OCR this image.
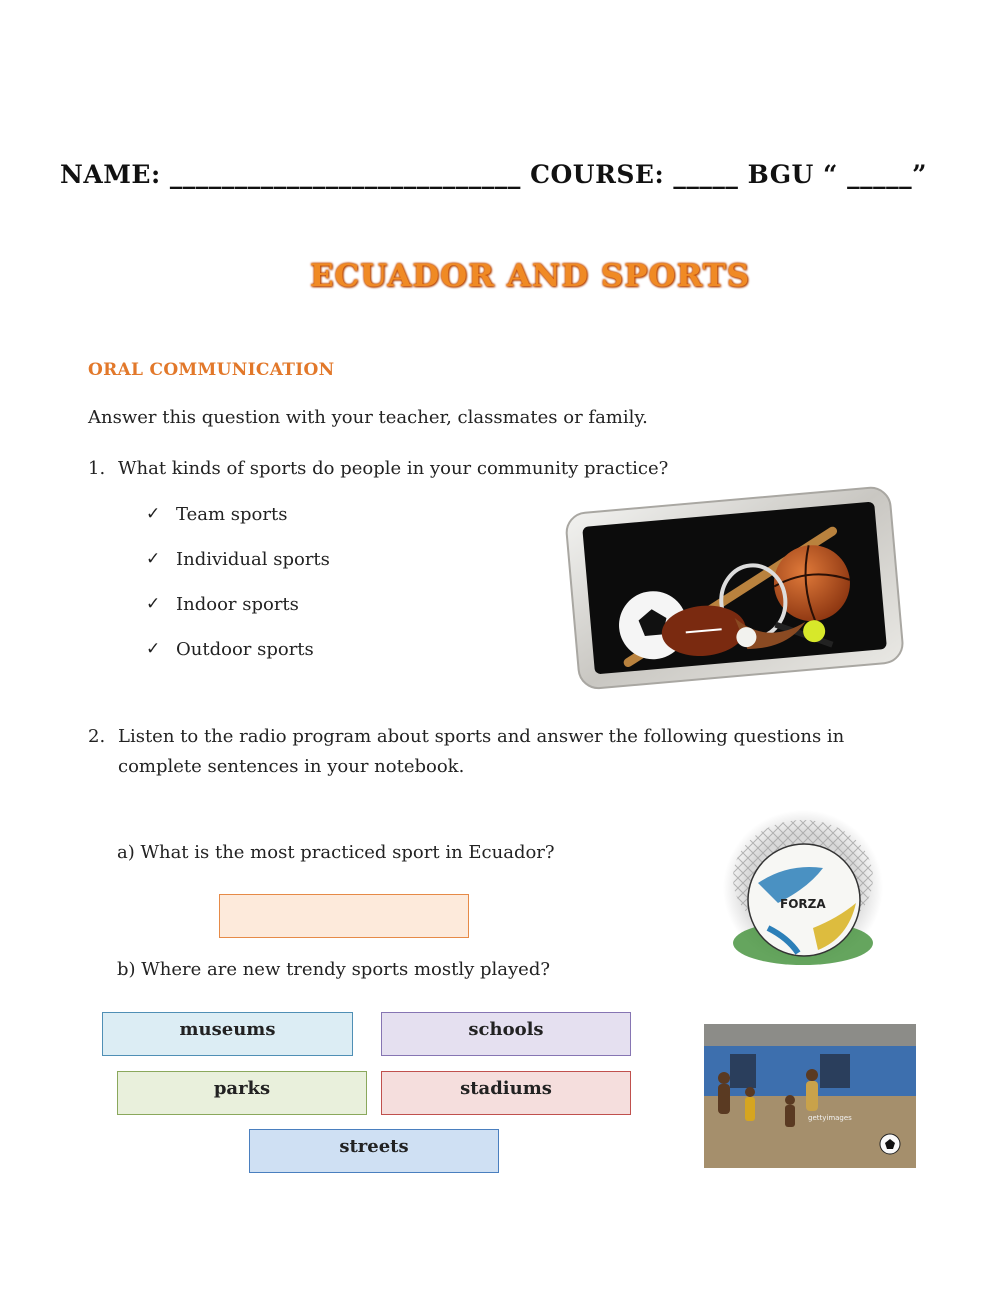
NAME: ___________________________ COURSE: _____ BGU “ _____”
ECUADOR AND SPORTS
ORAL COMMUNICATION
Answer this question with your teacher, classmates or family.
1. What kinds of sports do people in your community practice?
✓ Team sports
✓ Individual sports
✓ Indoor sports
✓ Outdoor sports
2. Listen to the radio program about sports and answer the following questions in complete sentences in your notebook.
a) What is the most practiced sport in Ecuador?
FORZA
b) Where are new trendy sports mostly played?
museums	schools
parks	stadiums
streets
gettyimages
